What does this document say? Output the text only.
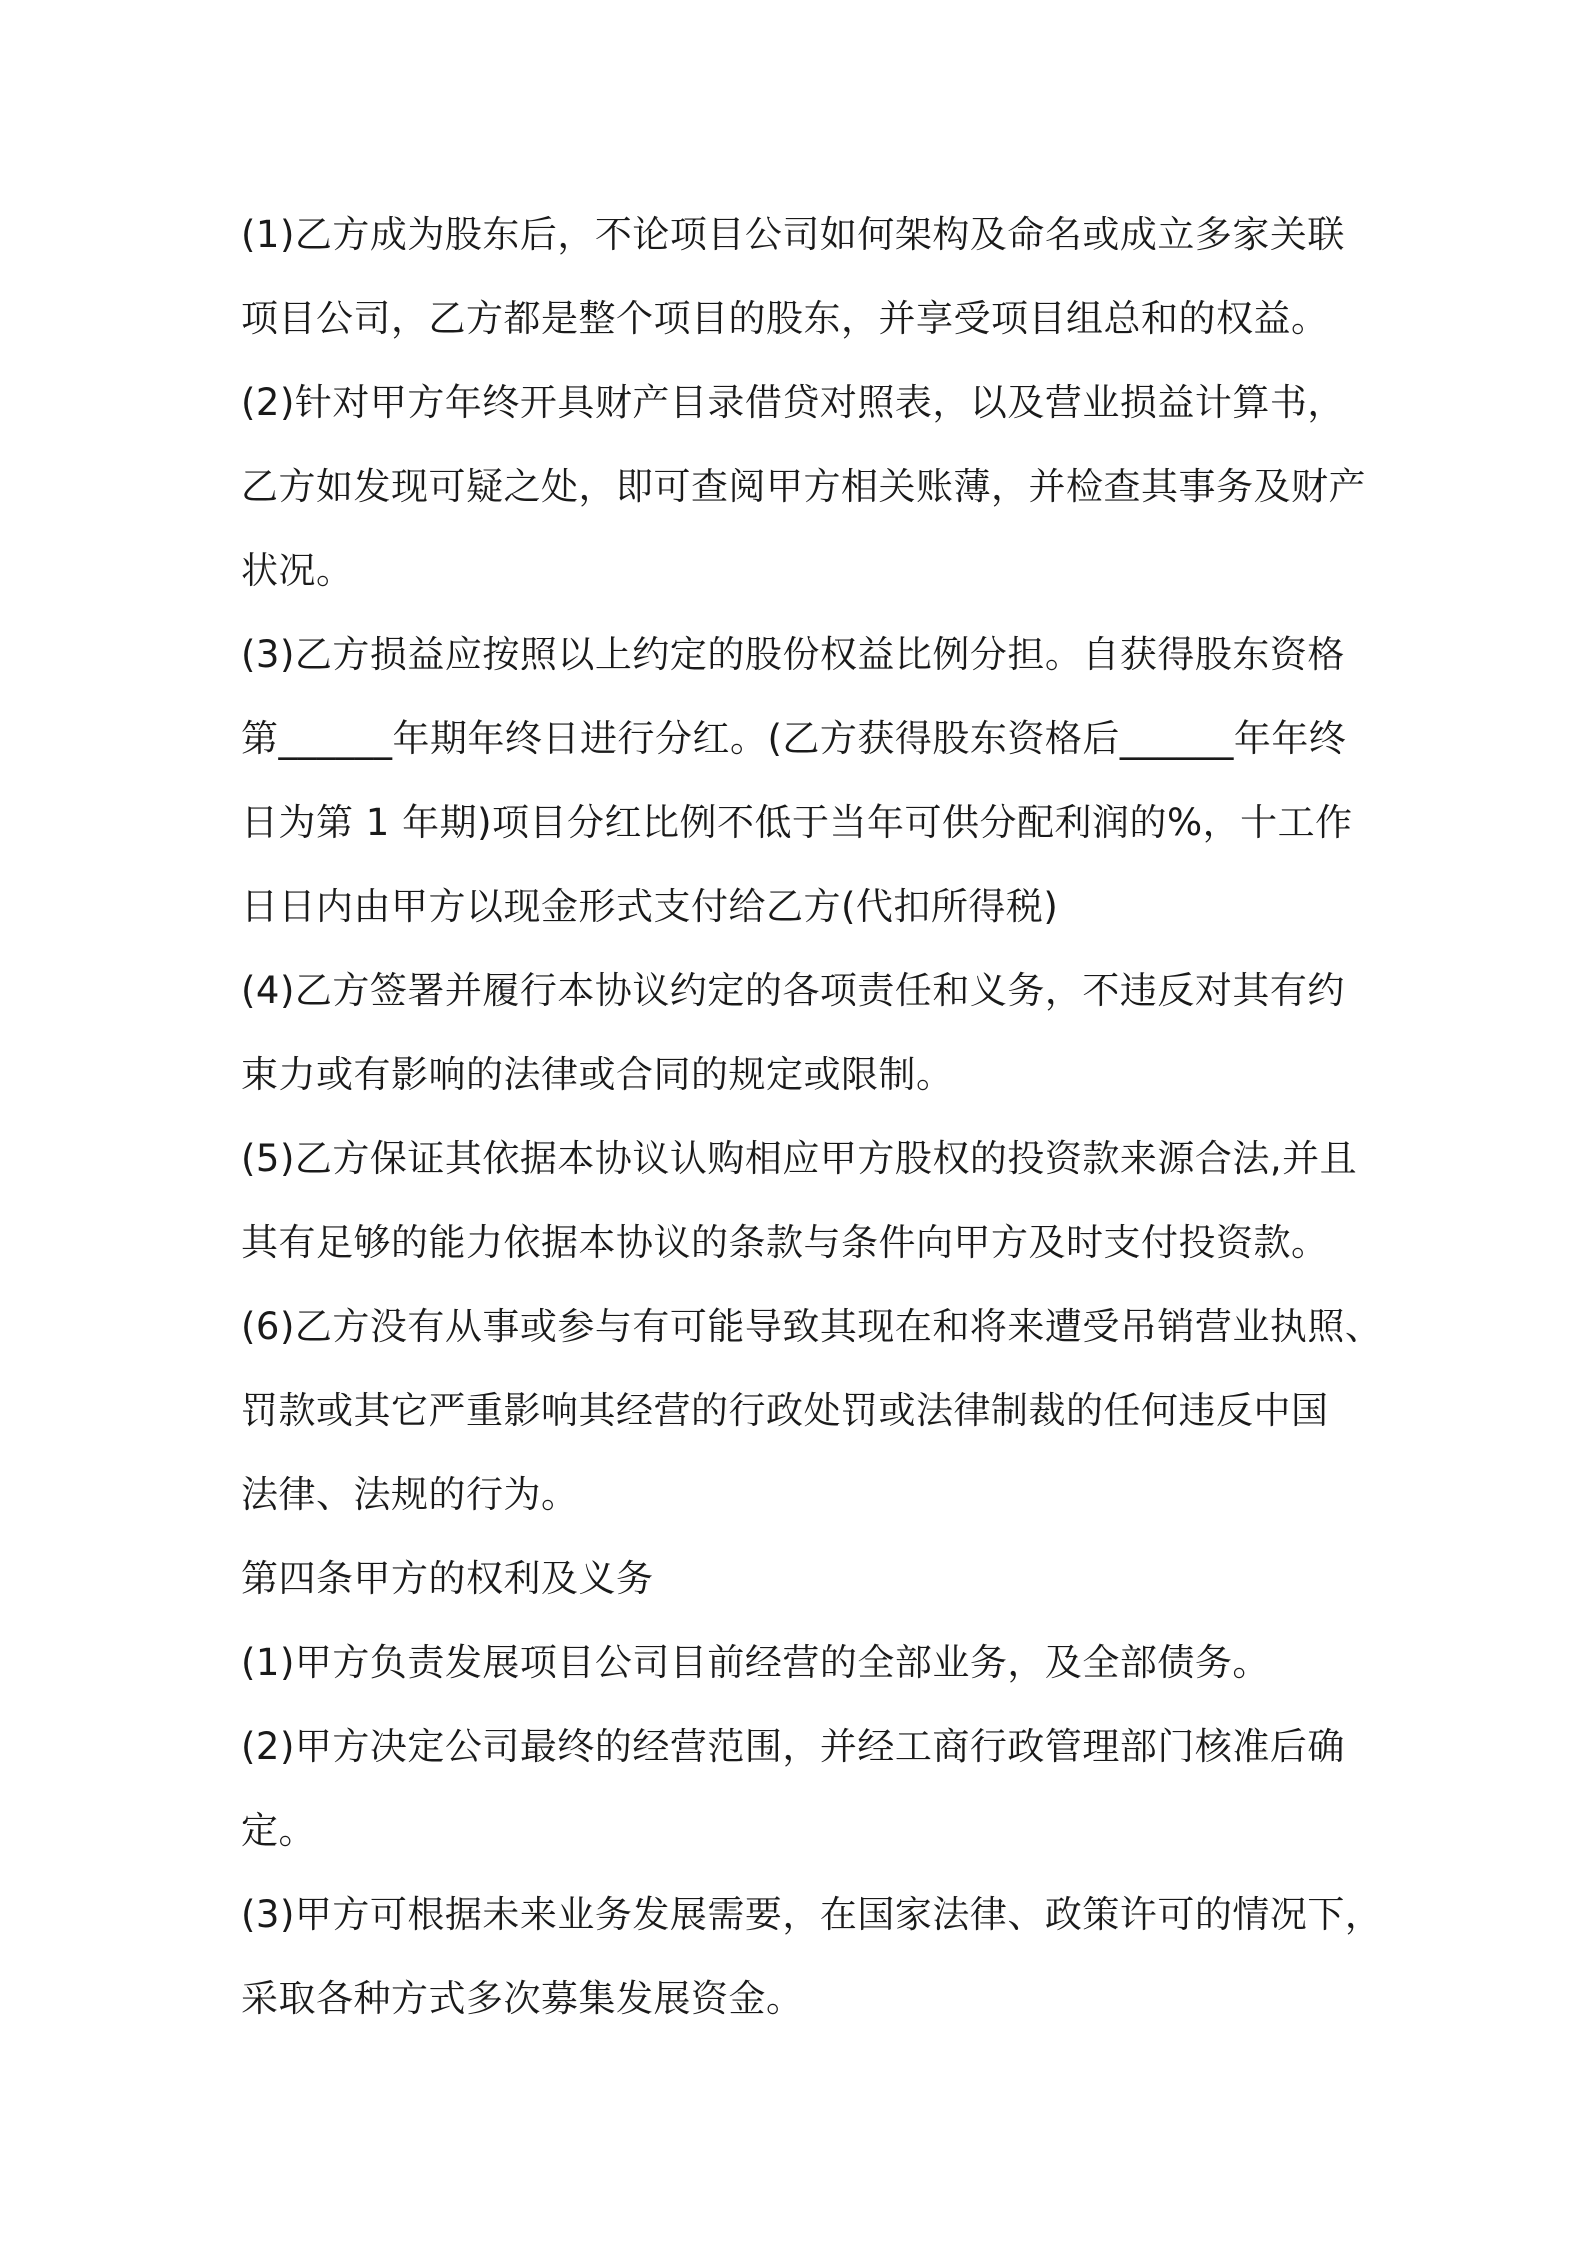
(1)乙方成为股东后，不论项目公司如何架构及命名或成立多家关联
项目公司，乙方都是整个项目的股东，并享受项目组总和的权益。
(2)针对甲方年终开具财产目录借贷对照表，以及营业损益计算书，
乙方如发现可疑之处，即可查阅甲方相关账薄，并检查其事务及财产
状况。
(3)乙方损益应按照以上约定的股份权益比例分担。自获得股东资格
第______年期年终日进行分红。(乙方获得股东资格后______年年终
日为第 1 年期)项目分红比例不低于当年可供分配利润的%，十工作
日日内由甲方以现金形式支付给乙方(代扣所得税)
(4)乙方签署并履行本协议约定的各项责任和义务，不违反对其有约
束力或有影响的法律或合同的规定或限制。
(5)乙方保证其依据本协议认购相应甲方股权的投资款来源合法,并且
其有足够的能力依据本协议的条款与条件向甲方及时支付投资款。
(6)乙方没有从事或参与有可能导致其现在和将来遭受吊销营业执照、
罚款或其它严重影响其经营的行政处罚或法律制裁的任何违反中国
法律、法规的行为。
第四条甲方的权利及义务
(1)甲方负责发展项目公司目前经营的全部业务，及全部债务。
(2)甲方决定公司最终的经营范围，并经工商行政管理部门核准后确
定。
(3)甲方可根据未来业务发展需要，在国家法律、政策许可的情况下，
采取各种方式多次募集发展资金。
